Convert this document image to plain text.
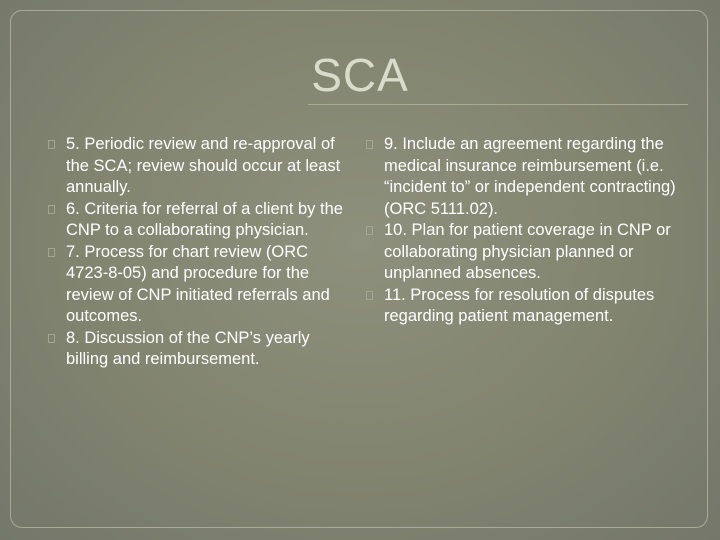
SCA
5. Periodic review and re-approval of the SCA; review should occur at least annually.
6. Criteria for referral of a client by the CNP to a collaborating physician.
7. Process for chart review (ORC 4723-8-05) and procedure for the review of CNP initiated referrals and outcomes.
8. Discussion of the CNP’s yearly billing and reimbursement.
9. Include an agreement regarding the medical insurance reimbursement (i.e. “incident to” or independent contracting) (ORC 5111.02).
10. Plan for patient coverage in CNP or collaborating physician planned or unplanned absences.
11. Process for resolution of disputes regarding patient management.
